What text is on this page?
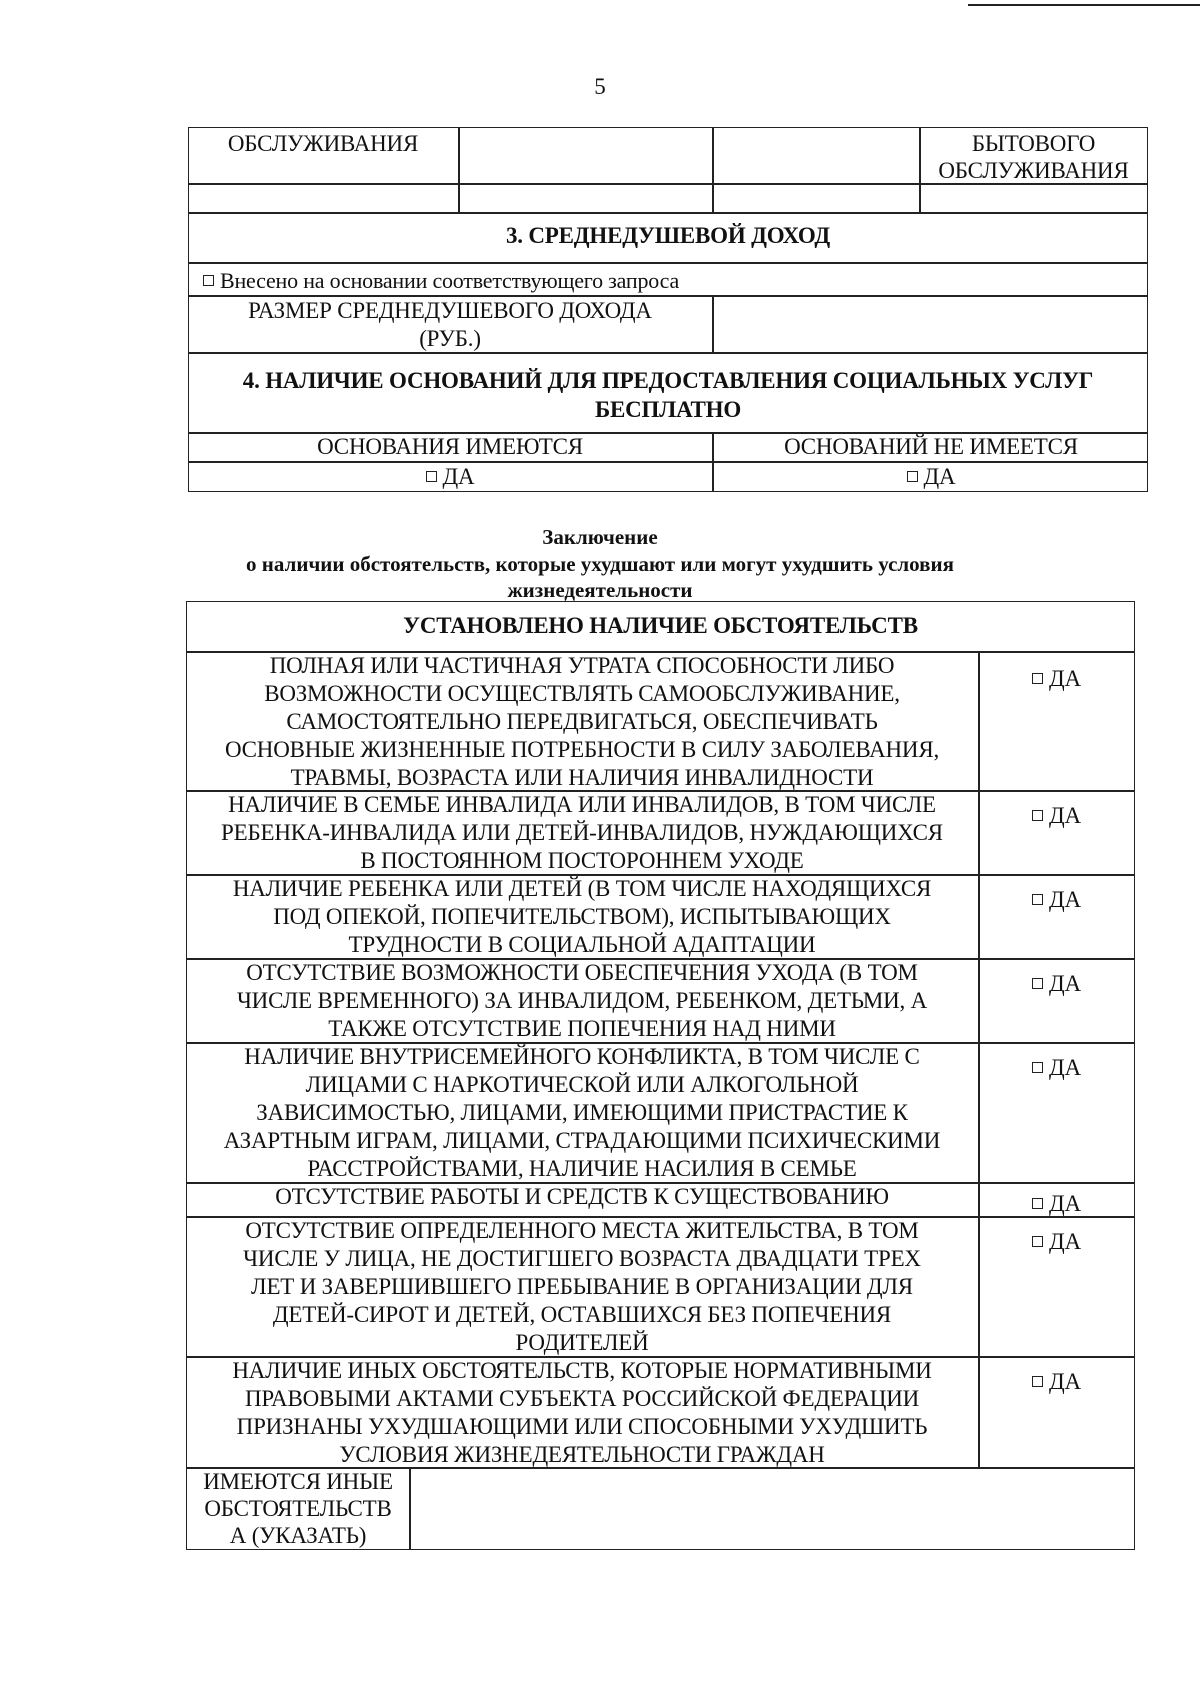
5
ОБСЛУЖИВАНИЯ	БЫТОВОГО ОБСЛУЖИВАНИЯ
3. СРЕДНЕДУШЕВОЙ ДОХОД
Внесено на основании соответствующего запроса
РАЗМЕР СРЕДНЕДУШЕВОГО ДОХОДА (РУБ.)
4. НАЛИЧИЕ ОСНОВАНИЙ ДЛЯ ПРЕДОСТАВЛЕНИЯ СОЦИАЛЬНЫХ УСЛУГ
БЕСПЛАТНО
ОСНОВАНИЯ ИМЕЮТСЯ	ОСНОВАНИЙ НЕ ИМЕЕТСЯ
ДА	ДА
Заключение
о наличии обстоятельств, которые ухудшают или могут ухудшить условия
жизнедеятельности
УСТАНОВЛЕНО НАЛИЧИЕ ОБСТОЯТЕЛЬСТВ
ПОЛНАЯ ИЛИ ЧАСТИЧНАЯ УТРАТА СПОСОБНОСТИ ЛИБО
ВОЗМОЖНОСТИ ОСУЩЕСТВЛЯТЬ САМООБСЛУЖИВАНИЕ,
САМОСТОЯТЕЛЬНО ПЕРЕДВИГАТЬСЯ, ОБЕСПЕЧИВАТЬ
ОСНОВНЫЕ ЖИЗНЕННЫЕ ПОТРЕБНОСТИ В СИЛУ ЗАБОЛЕВАНИЯ,
ТРАВМЫ, ВОЗРАСТА ИЛИ НАЛИЧИЯ ИНВАЛИДНОСТИ
ДА
НАЛИЧИЕ В СЕМЬЕ ИНВАЛИДА ИЛИ ИНВАЛИДОВ, В ТОМ ЧИСЛЕ
РЕБЕНКА-ИНВАЛИДА ИЛИ ДЕТЕЙ-ИНВАЛИДОВ, НУЖДАЮЩИХСЯ
В ПОСТОЯННОМ ПОСТОРОННЕМ УХОДЕ
ДА
НАЛИЧИЕ РЕБЕНКА ИЛИ ДЕТЕЙ (В ТОМ ЧИСЛЕ НАХОДЯЩИХСЯ
ПОД ОПЕКОЙ, ПОПЕЧИТЕЛЬСТВОМ), ИСПЫТЫВАЮЩИХ
ТРУДНОСТИ В СОЦИАЛЬНОЙ АДАПТАЦИИ
ДА
ОТСУТСТВИЕ ВОЗМОЖНОСТИ ОБЕСПЕЧЕНИЯ УХОДА (В ТОМ
ЧИСЛЕ ВРЕМЕННОГО) ЗА ИНВАЛИДОМ, РЕБЕНКОМ, ДЕТЬМИ, А
ТАКЖЕ ОТСУТСТВИЕ ПОПЕЧЕНИЯ НАД НИМИ
ДА
НАЛИЧИЕ ВНУТРИСЕМЕЙНОГО КОНФЛИКТА, В ТОМ ЧИСЛЕ С
ЛИЦАМИ С НАРКОТИЧЕСКОЙ ИЛИ АЛКОГОЛЬНОЙ
ЗАВИСИМОСТЬЮ, ЛИЦАМИ, ИМЕЮЩИМИ ПРИСТРАСТИЕ К
АЗАРТНЫМ ИГРАМ, ЛИЦАМИ, СТРАДАЮЩИМИ ПСИХИЧЕСКИМИ
РАССТРОЙСТВАМИ, НАЛИЧИЕ НАСИЛИЯ В СЕМЬЕ
ДА
ОТСУТСТВИЕ РАБОТЫ И СРЕДСТВ К СУЩЕСТВОВАНИЮ	ДА
ОТСУТСТВИЕ ОПРЕДЕЛЕННОГО МЕСТА ЖИТЕЛЬСТВА, В ТОМ
ЧИСЛЕ У ЛИЦА, НЕ ДОСТИГШЕГО ВОЗРАСТА ДВАДЦАТИ ТРЕХ
ЛЕТ И ЗАВЕРШИВШЕГО ПРЕБЫВАНИЕ В ОРГАНИЗАЦИИ ДЛЯ
ДЕТЕЙ-СИРОТ И ДЕТЕЙ, ОСТАВШИХСЯ БЕЗ ПОПЕЧЕНИЯ
РОДИТЕЛЕЙ
ДА
НАЛИЧИЕ ИНЫХ ОБСТОЯТЕЛЬСТВ, КОТОРЫЕ НОРМАТИВНЫМИ
ПРАВОВЫМИ АКТАМИ СУБЪЕКТА РОССИЙСКОЙ ФЕДЕРАЦИИ
ПРИЗНАНЫ УХУДШАЮЩИМИ ИЛИ СПОСОБНЫМИ УХУДШИТЬ
УСЛОВИЯ ЖИЗНЕДЕЯТЕЛЬНОСТИ ГРАЖДАН
ДА
ИМЕЮТСЯ ИНЫЕ
ОБСТОЯТЕЛЬСТВ
А (УКАЗАТЬ)
